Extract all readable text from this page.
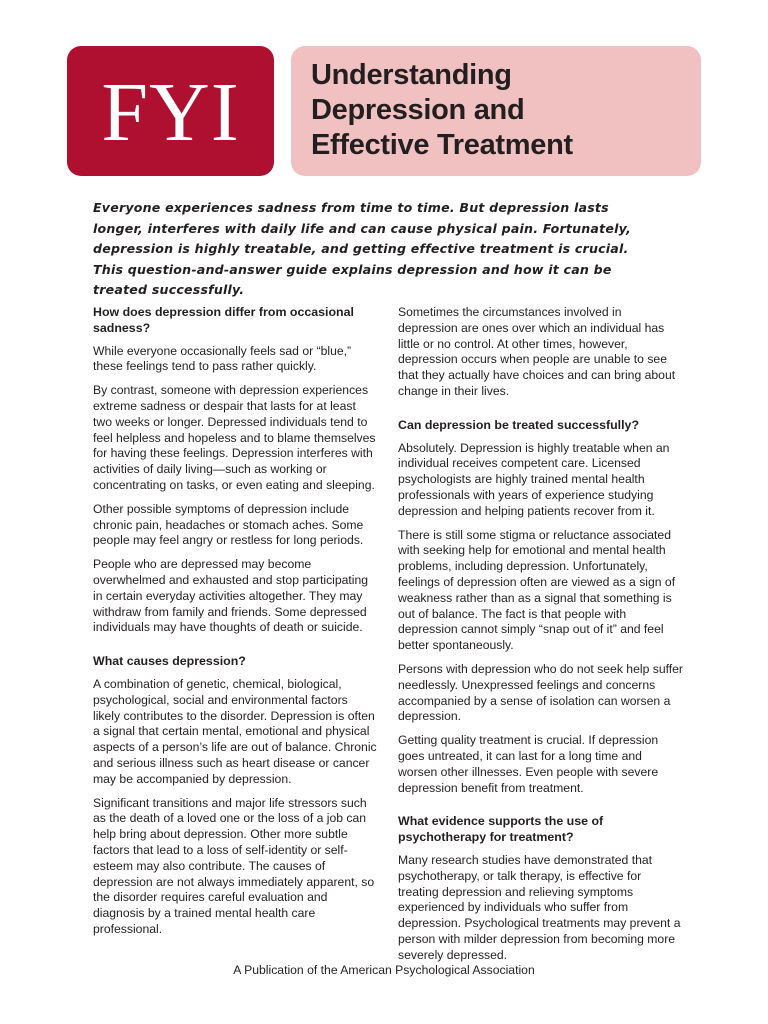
FYI Understanding
Depression and
Effective Treatment
Everyone experiences sadness from time to time. But depression lasts longer, interferes with daily life and can cause physical pain. Fortunately, depression is highly treatable, and getting effective treatment is crucial. This question-and-answer guide explains depression and how it can be treated successfully.
How does depression differ from occasional sadness?

While everyone occasionally feels sad or “blue,” these feelings tend to pass rather quickly.

By contrast, someone with depression experiences extreme sadness or despair that lasts for at least two weeks or longer. Depressed individuals tend to feel helpless and hopeless and to blame themselves for having these feelings. Depression interferes with activities of daily living—such as working or concentrating on tasks, or even eating and sleeping.

Other possible symptoms of depression include chronic pain, headaches or stomach aches. Some people may feel angry or restless for long periods.

People who are depressed may become overwhelmed and exhausted and stop participating in certain everyday activities altogether. They may withdraw from family and friends. Some depressed individuals may have thoughts of death or suicide.

What causes depression?

A combination of genetic, chemical, biological, psychological, social and environmental factors likely contributes to the disorder. Depression is often a signal that certain mental, emotional and physical aspects of a person’s life are out of balance. Chronic and serious illness such as heart disease or cancer may be accompanied by depression.

Significant transitions and major life stressors such as the death of a loved one or the loss of a job can help bring about depression. Other more subtle factors that lead to a loss of self-identity or self-esteem may also contribute. The causes of depression are not always immediately apparent, so the disorder requires careful evaluation and diagnosis by a trained mental health care professional.

Sometimes the circumstances involved in depression are ones over which an individual has little or no control. At other times, however, depression occurs when people are unable to see that they actually have choices and can bring about change in their lives.

Can depression be treated successfully?

Absolutely. Depression is highly treatable when an individual receives competent care. Licensed psychologists are highly trained mental health professionals with years of experience studying depression and helping patients recover from it.

There is still some stigma or reluctance associated with seeking help for emotional and mental health problems, including depression. Unfortunately, feelings of depression often are viewed as a sign of weakness rather than as a signal that something is out of balance. The fact is that people with depression cannot simply “snap out of it” and feel better spontaneously.

Persons with depression who do not seek help suffer needlessly. Unexpressed feelings and concerns accompanied by a sense of isolation can worsen a depression.

Getting quality treatment is crucial. If depression goes untreated, it can last for a long time and worsen other illnesses. Even people with severe depression benefit from treatment.

What evidence supports the use of psychotherapy for treatment?

Many research studies have demonstrated that psychotherapy, or talk therapy, is effective for treating depression and relieving symptoms experienced by individuals who suffer from depression. Psychological treatments may prevent a person with milder depression from becoming more severely depressed.

A Publication of the American Psychological Association
